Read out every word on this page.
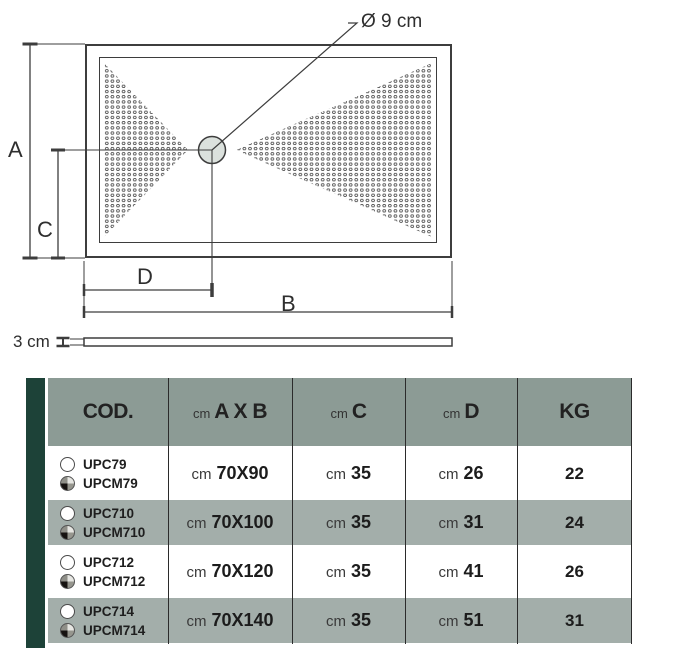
Ø 9 cm
A
C
D
B
3 cm
COD.	cm A X B	cm C	cm D	KG
UPC79
UPCM79	cm 70X90	cm 35	cm 26	22
UPC710
UPCM710	cm 70X100	cm 35	cm 31	24
UPC712
UPCM712	cm 70X120	cm 35	cm 41	26
UPC714
UPCM714	cm 70X140	cm 35	cm 51	31
